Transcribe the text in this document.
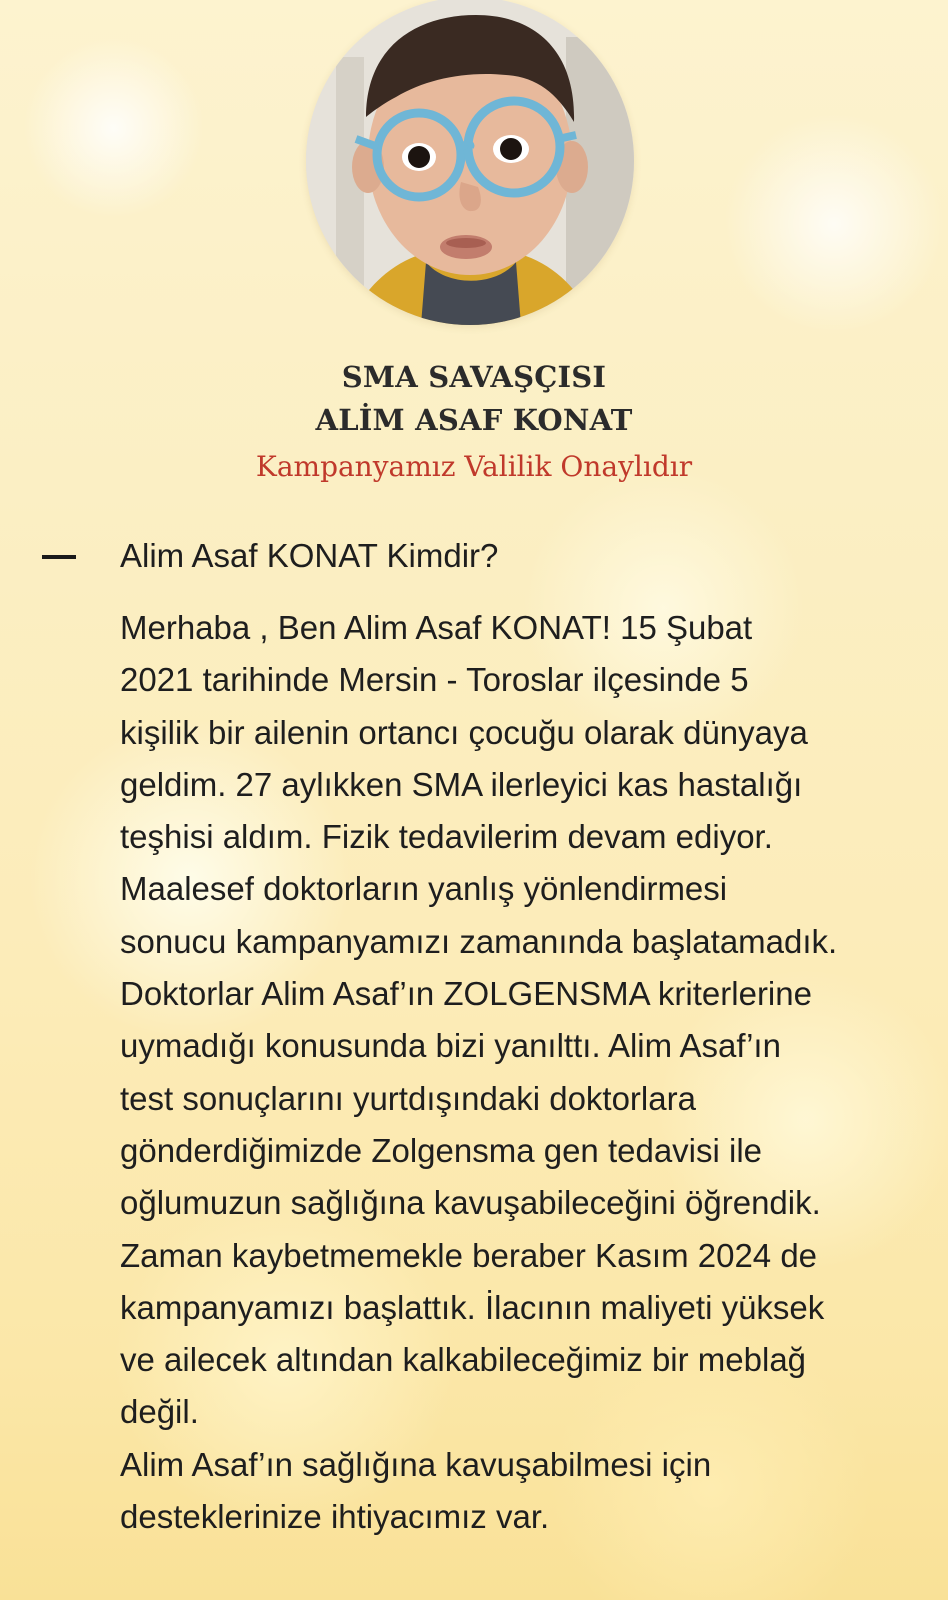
SMA SAVAŞÇISI
ALİM ASAF KONAT
Kampanyamız Valilik Onaylıdır
Alim Asaf KONAT Kimdir?
Merhaba , Ben Alim Asaf KONAT! 15 Şubat
2021 tarihinde Mersin - Toroslar ilçesinde 5
kişilik bir ailenin ortancı çocuğu olarak dünyaya
geldim. 27 aylıkken SMA ilerleyici kas hastalığı
teşhisi aldım. Fizik tedavilerim devam ediyor.
Maalesef doktorların yanlış yönlendirmesi
sonucu kampanyamızı zamanında başlatamadık.
Doktorlar Alim Asaf’ın ZOLGENSMA kriterlerine
uymadığı konusunda bizi yanılttı. Alim Asaf’ın
test sonuçlarını yurtdışındaki doktorlara
gönderdiğimizde Zolgensma gen tedavisi ile
oğlumuzun sağlığına kavuşabileceğini öğrendik.
Zaman kaybetmemekle beraber Kasım 2024 de
kampanyamızı başlattık. İlacının maliyeti yüksek
ve ailecek altından kalkabileceğimiz bir meblağ
değil.
Alim Asaf’ın sağlığına kavuşabilmesi için
desteklerinize ihtiyacımız var.
